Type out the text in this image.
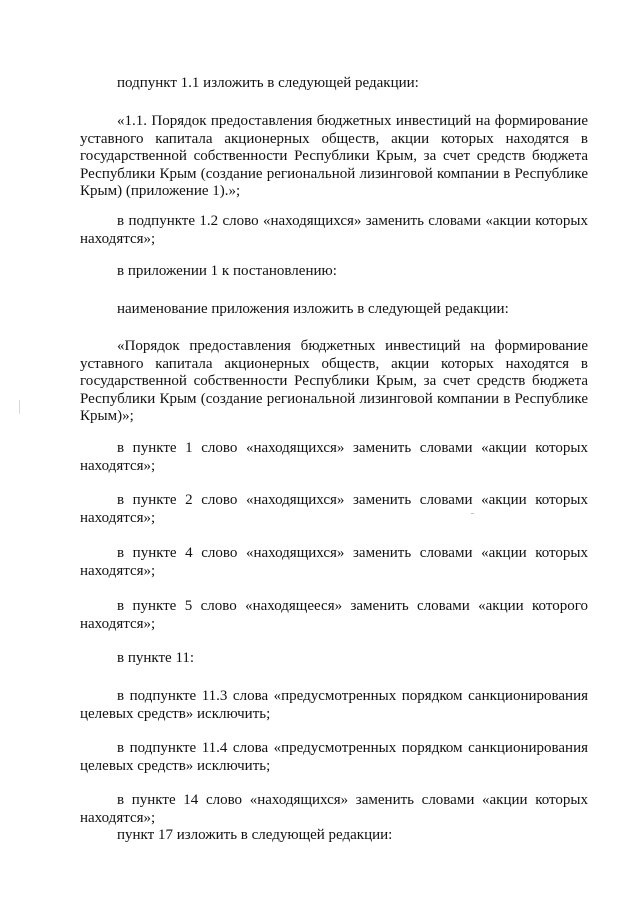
подпункт 1.1 изложить в следующей редакции:

«1.1. Порядок предоставления бюджетных инвестиций на формирование уставного капитала акционерных обществ, акции которых находятся в государственной собственности Республики Крым, за счет средств бюджета Республики Крым (создание региональной лизинговой компании в Республике Крым) (приложение 1).»;

в подпункте 1.2 слово «находящихся» заменить словами «акции которых находятся»;

в приложении 1 к постановлению:

наименование приложения изложить в следующей редакции:

«Порядок предоставления бюджетных инвестиций на формирование уставного капитала акционерных обществ, акции которых находятся в государственной собственности Республики Крым, за счет средств бюджета Республики Крым (создание региональной лизинговой компании в Республике Крым)»;

в пункте 1 слово «находящихся» заменить словами «акции которых находятся»;

в пункте 2 слово «находящихся» заменить словами «акции которых находятся»;

в пункте 4 слово «находящихся» заменить словами «акции которых находятся»;

в пункте 5 слово «находящееся» заменить словами «акции которого находятся»;

в пункте 11:

в подпункте 11.3 слова «предусмотренных порядком санкционирования целевых средств» исключить;

в подпункте 11.4 слова «предусмотренных порядком санкционирования целевых средств» исключить;

в пункте 14 слово «находящихся» заменить словами «акции которых находятся»;

пункт 17 изложить в следующей редакции:
